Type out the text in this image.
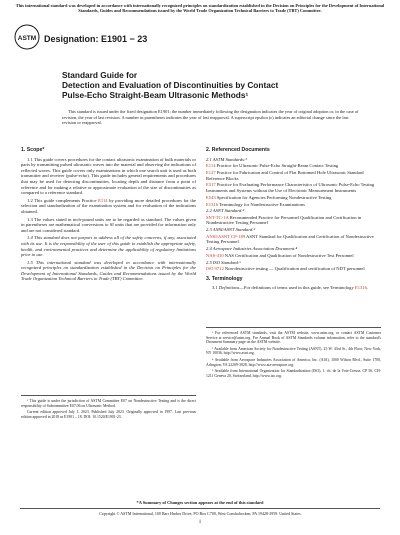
This international standard was developed in accordance with internationally recognized principles on standardization established in the Decision on Principles for the Development of International Standards, Guides and Recommendations issued by the World Trade Organization Technical Barriers to Trade (TBT) Committee.
ASTM Designation: E1901 − 23
Standard Guide for
Detection and Evaluation of Discontinuities by Contact
Pulse-Echo Straight-Beam Ultrasonic Methods¹
This standard is issued under the fixed designation E1901; the number immediately following the designation indicates the year of original adoption or, in the case of revision, the year of last revision. A number in parentheses indicates the year of last reapproval. A superscript epsilon (ε) indicates an editorial change since the last revision or reapproval.
1. Scope*

1.1 This guide covers procedures for the contact ultrasonic examination of bulk materials or parts by transmitting pulsed ultrasonic waves into the material and observing the indications of reflected waves. This guide covers only examinations in which one search unit is used as both transmitter and receiver (pulse-echo). This guide includes general requirements and procedures that may be used for detecting discontinuities, locating depth and distance from a point of reference and for making a relative or approximate evaluation of the size of discontinuities as compared to a reference standard.

1.2 This guide complements Practice E114 by providing more detailed procedures for the selection and standardization of the examination system and for evaluation of the indications obtained.

1.3 The values stated in inch-pound units are to be regarded as standard. The values given in parentheses are mathematical conversions to SI units that are provided for information only and are not considered standard.

1.4 This standard does not purport to address all of the safety concerns, if any, associated with its use. It is the responsibility of the user of this guide to establish the appropriate safety, health, and environmental practices and determine the applicability of regulatory limitations prior to use.

1.5 This international standard was developed in accordance with internationally recognized principles on standardization established in the Decision on Principles for the Development of International Standards, Guides and Recommendations issued by the World Trade Organization Technical Barriers to Trade (TBT) Committee.

¹ This guide is under the jurisdiction of ASTM Committee E07 on Nondestructive Testing and is the direct responsibility of Subcommittee E07.06 on Ultrasonic Method.
Current edition approved July 1, 2023. Published July 2023. Originally approved in 1997. Last previous edition approved in 2018 as E1901 – 18. DOI: 10.1520/E1901-23.
2. Referenced Documents
2.1 ASTM Standards:²
E114 Practice for Ultrasonic Pulse-Echo Straight-Beam Contact Testing
E127 Practice for Fabrication and Control of Flat Bottomed Hole Ultrasonic Standard Reference Blocks
E317 Practice for Evaluating Performance Characteristics of Ultrasonic Pulse-Echo Testing Instruments and Systems without the Use of Electronic Measurement Instruments
E543 Specification for Agencies Performing Nondestructive Testing
E1316 Terminology for Nondestructive Examinations
2.2 ASNT Standard:³
SNT-TC-1A Recommended Practice for Personnel Qualification and Certification in Nondestructive Testing Personnel
2.3 ANSI/ASNT Standard:³
ANSI/ASNT CP-189 ASNT Standard for Qualification and Certification of Nondestructive Testing Personnel
2.4 Aerospace Industries Association Document:⁴
NAS-410 NAS Certification and Qualification of Nondestructive Test Personnel
2.5 ISO Standard:⁵
ISO 9712 Non-destructive testing — Qualification and certification of NDT personnel
3. Terminology

3.1 Definitions—For definitions of terms used in this guide, see Terminology E1316.

² For referenced ASTM standards, visit the ASTM website, www.astm.org, or contact ASTM Customer Service at service@astm.org. For Annual Book of ASTM Standards volume information, refer to the standard's Document Summary page on the ASTM website.
³ Available from American Society for Nondestructive Testing (ASNT), 25 W. 43rd St., 4th Floor, New York, NY 10036, http://www.asnt.org.
⁴ Available from Aerospace Industries Association of America, Inc. (AIA), 1000 Wilson Blvd., Suite 1700, Arlington, VA 22209-3928, http://www.aia-aerospace.org.
⁵ Available from International Organization for Standardization (ISO), 1, ch. de la Voie-Creuse, CP 56, CH-1211 Geneva 20, Switzerland, http://www.iso.org.
*A Summary of Changes section appears at the end of this standard
Copyright © ASTM International, 100 Barr Harbor Drive, PO Box C700, West Conshohocken, PA 19428-2959. United States
1
